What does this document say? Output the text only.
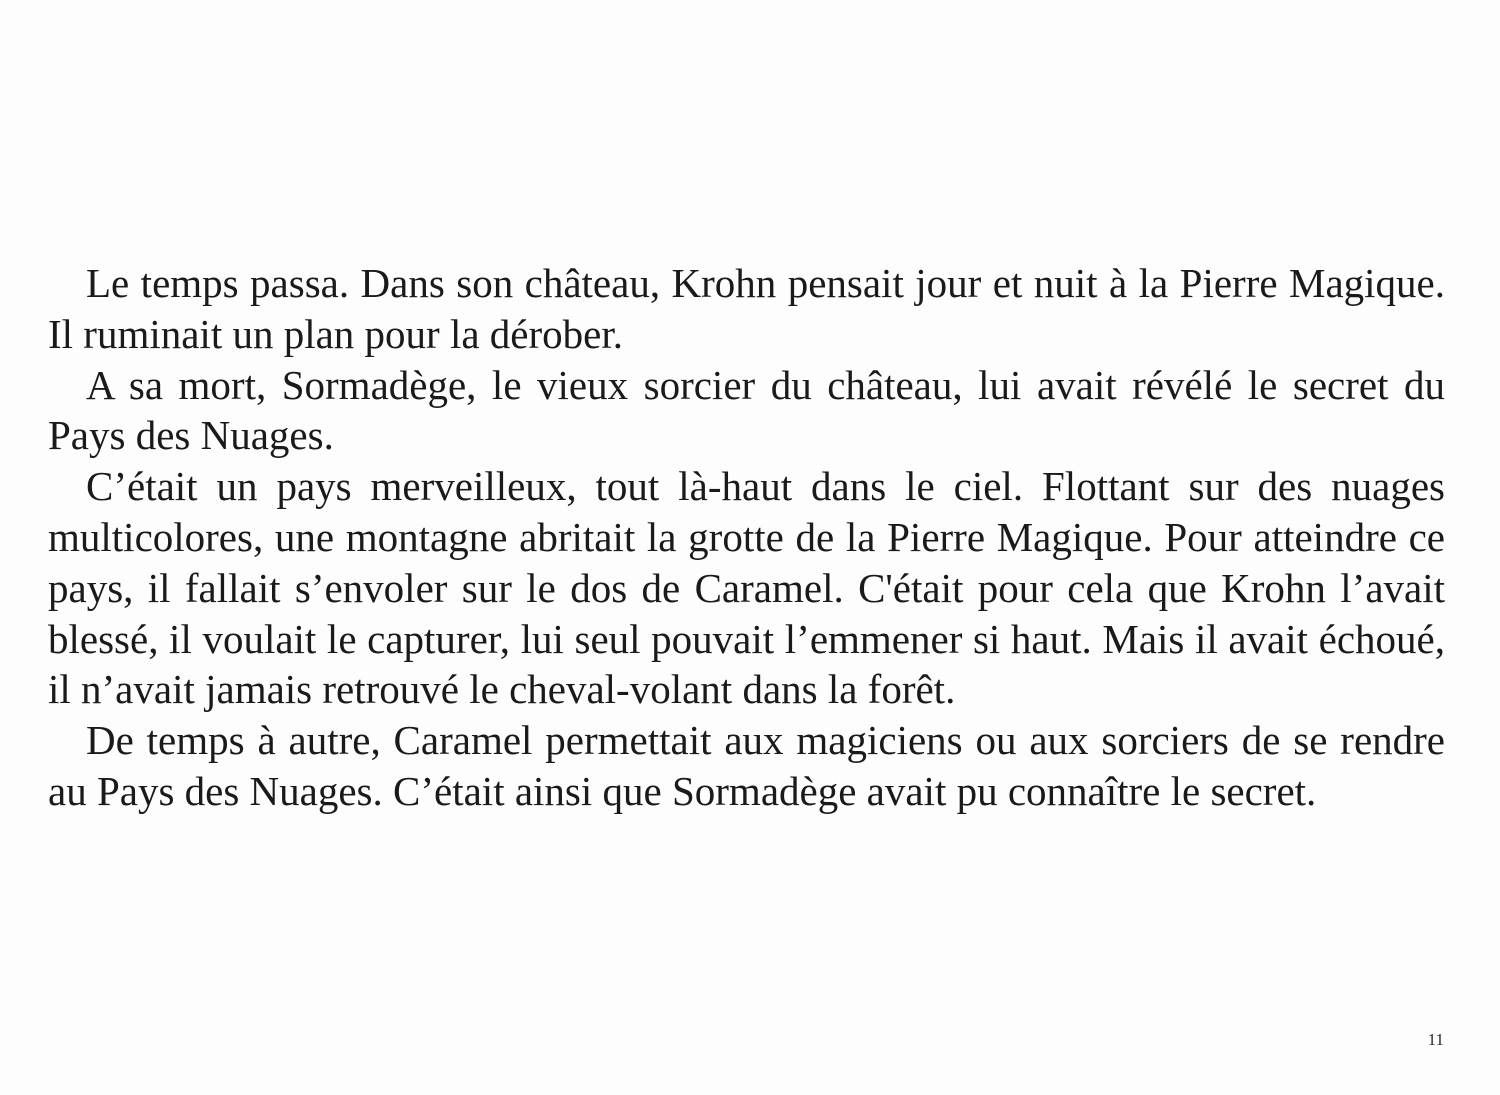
Le temps passa. Dans son château, Krohn pensait jour et nuit à la Pierre Magique. Il ruminait un plan pour la dérober.

A sa mort, Sormadège, le vieux sorcier du château, lui avait révélé le secret du Pays des Nuages.

C’était un pays merveilleux, tout là-haut dans le ciel. Flottant sur des nuages multicolores, une montagne abritait la grotte de la Pierre Magique. Pour atteindre ce pays, il fallait s’envoler sur le dos de Caramel. C'était pour cela que Krohn l’avait blessé, il voulait le capturer, lui seul pouvait l’emmener si haut. Mais il avait échoué, il n’avait jamais retrouvé le cheval-volant dans la forêt.

De temps à autre, Caramel permettait aux magiciens ou aux sorciers de se rendre au Pays des Nuages. C’était ainsi que Sormadège avait pu connaître le secret.

11
